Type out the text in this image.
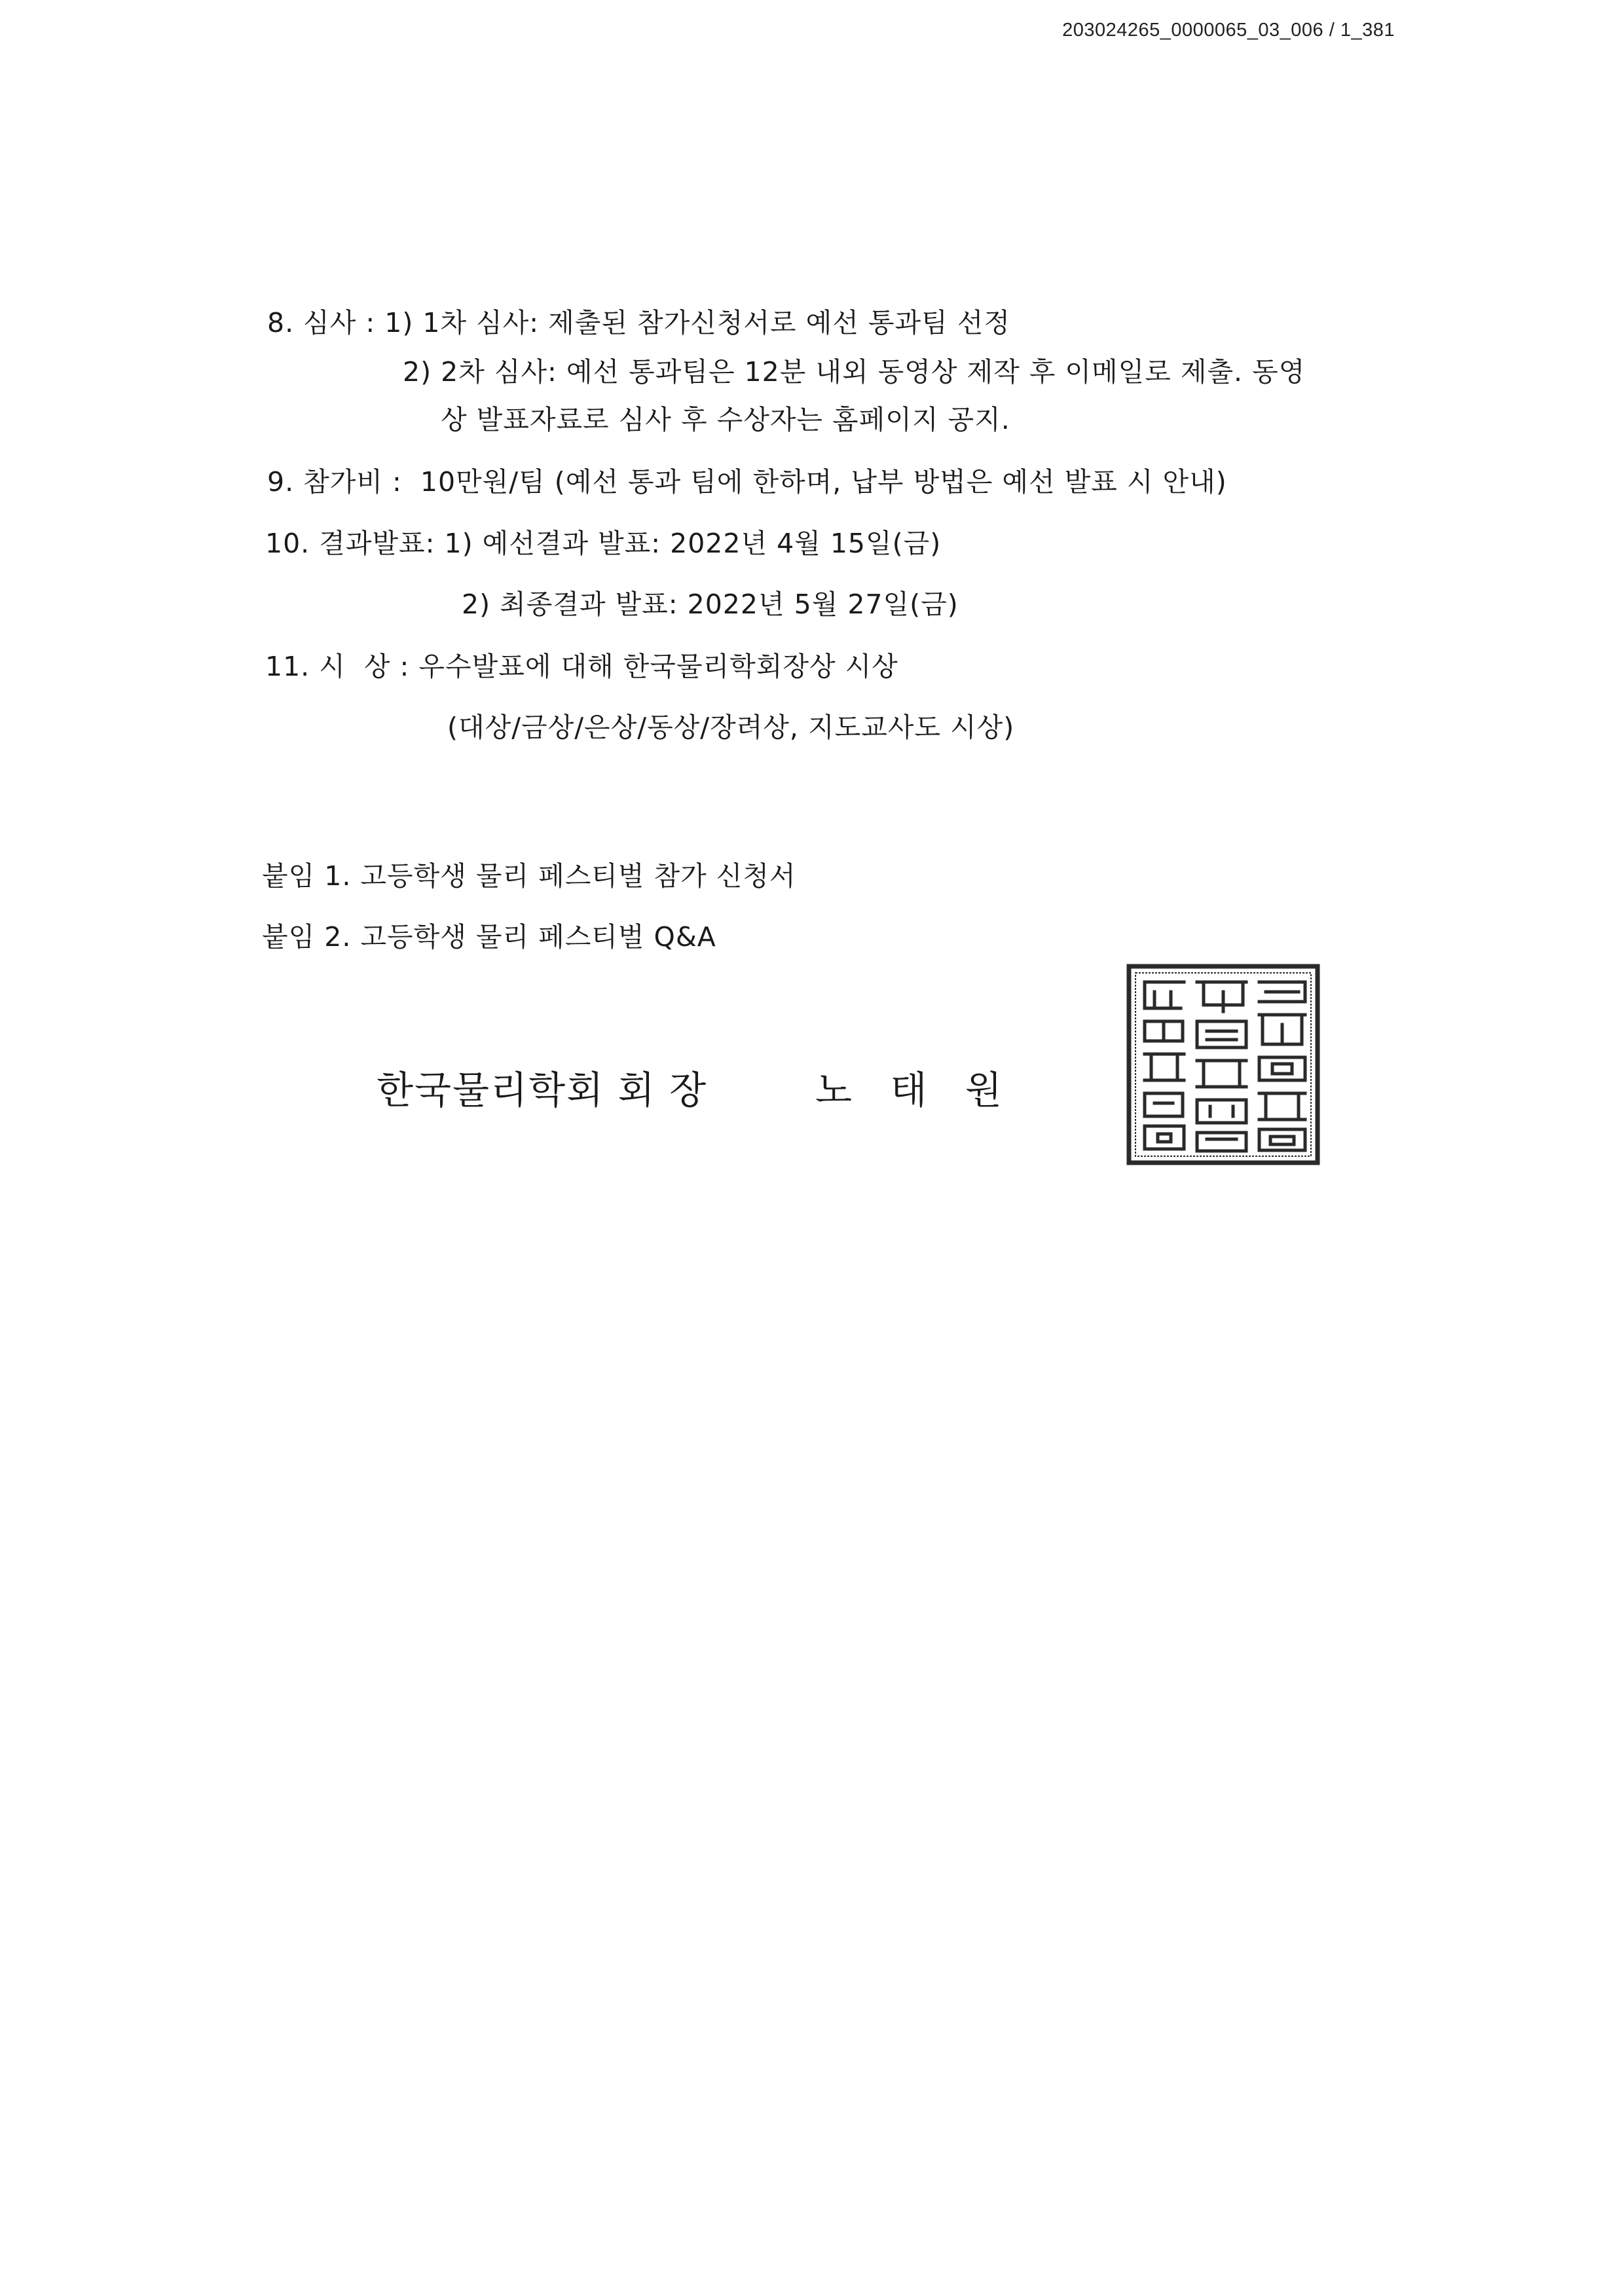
203024265_0000065_03_006 / 1_381
8. 심사 : 1) 1차 심사: 제출된 참가신청서로 예선 통과팀 선정
2) 2차 심사: 예선 통과팀은 12분 내외 동영상 제작 후 이메일로 제출. 동영
상 발표자료로 심사 후 수상자는 홈페이지 공지.
9. 참가비 :  10만원/팀 (예선 통과 팀에 한하며, 납부 방법은 예선 발표 시 안내)
10. 결과발표: 1) 예선결과 발표: 2022년 4월 15일(금)
2) 최종결과 발표: 2022년 5월 27일(금)
11. 시  상 : 우수발표에 대해 한국물리학회장상 시상
(대상/금상/은상/동상/장려상, 지도교사도 시상)
붙임 1. 고등학생 물리 페스티벌 참가 신청서
붙임 2. 고등학생 물리 페스티벌 Q&A
한국물리학회 회 장	노 태 원
